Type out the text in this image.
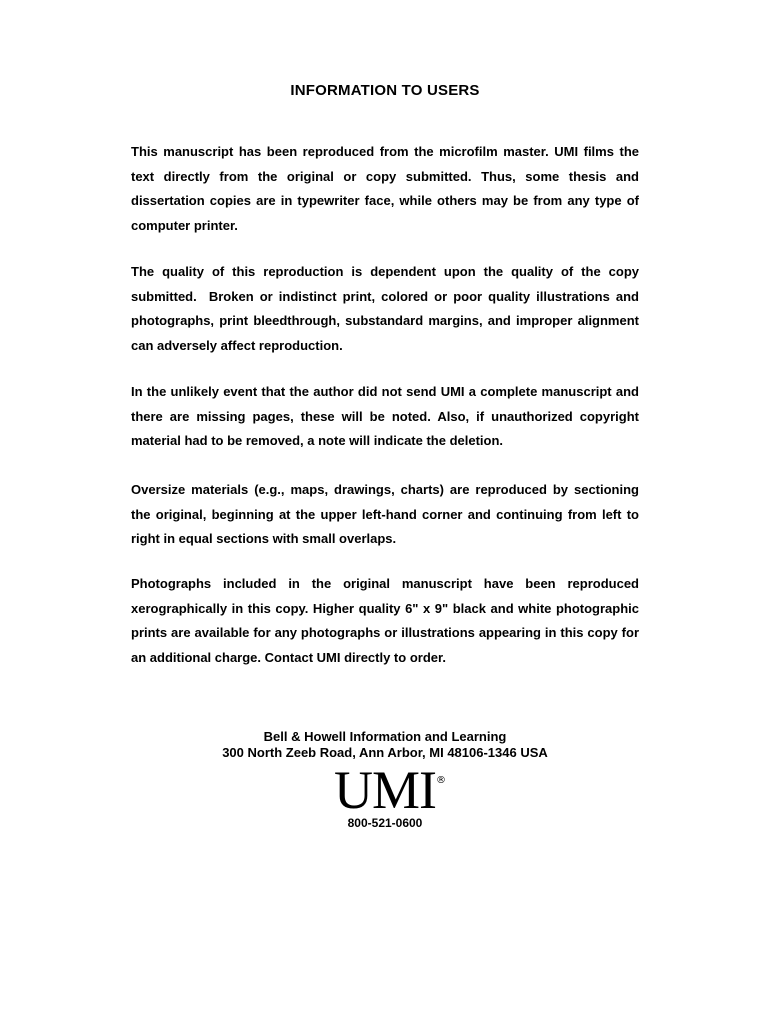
INFORMATION TO USERS
This manuscript has been reproduced from the microfilm master. UMI films the
text directly from the original or copy submitted. Thus, some thesis and
dissertation copies are in typewriter face, while others may be from any type of
computer printer.
The quality of this reproduction is dependent upon the quality of the copy
submitted. Broken or indistinct print, colored or poor quality illustrations and
photographs, print bleedthrough, substandard margins, and improper alignment
can adversely affect reproduction.
In the unlikely event that the author did not send UMI a complete manuscript and
there are missing pages, these will be noted. Also, if unauthorized copyright
material had to be removed, a note will indicate the deletion.
Oversize materials (e.g., maps, drawings, charts) are reproduced by sectioning
the original, beginning at the upper left-hand corner and continuing from left to
right in equal sections with small overlaps.
Photographs included in the original manuscript have been reproduced
xerographically in this copy. Higher quality 6" x 9" black and white photographic
prints are available for any photographs or illustrations appearing in this copy for
an additional charge. Contact UMI directly to order.
Bell & Howell Information and Learning
300 North Zeeb Road, Ann Arbor, MI 48106-1346 USA
UMI ®
800-521-0600
